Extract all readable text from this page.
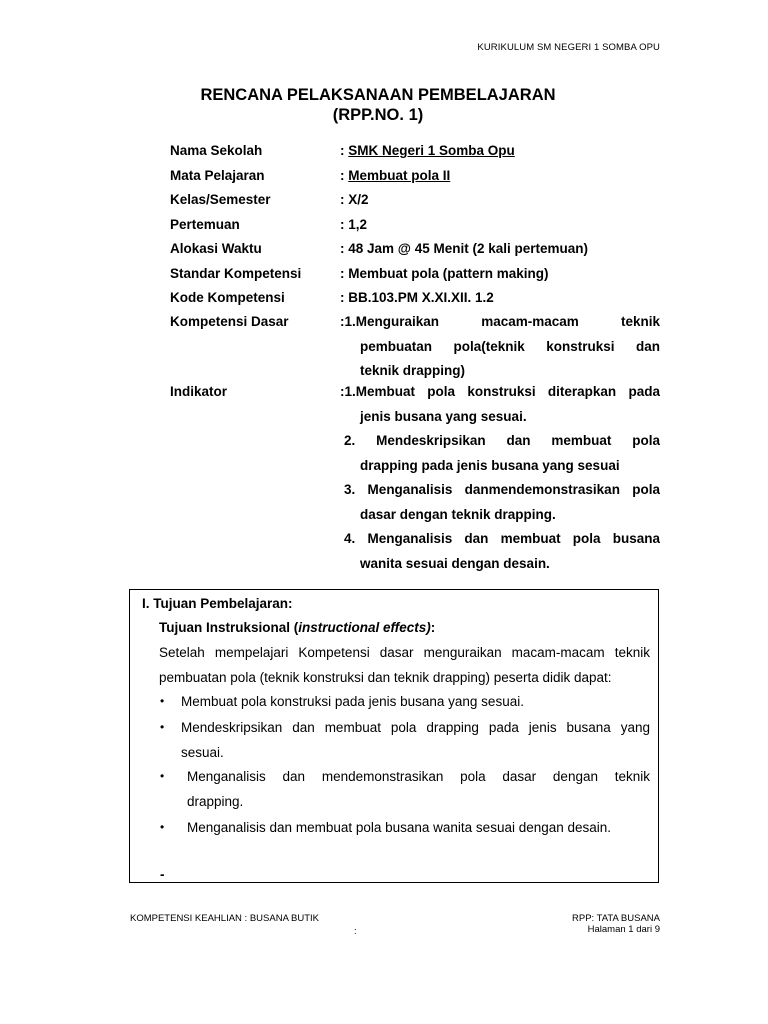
KURIKULUM SM NEGERI 1 SOMBA OPU
RENCANA PELAKSANAAN PEMBELAJARAN
(RPP.NO. 1)
Nama Sekolah	: SMK Negeri 1 Somba Opu
Mata Pelajaran	: Membuat pola II
Kelas/Semester	: X/2
Pertemuan	: 1,2
Alokasi Waktu	: 48 Jam @ 45 Menit (2 kali pertemuan)
Standar Kompetensi	: Membuat pola (pattern making)
Kode Kompetensi	: BB.103.PM X.XI.XII. 1.2
Kompetensi Dasar	:1.Menguraikan macam-macam teknik
pembuatan pola(teknik konstruksi dan
teknik drapping)
Indikator	:1.Membuat pola konstruksi diterapkan pada
jenis busana yang sesuai.
2. Mendeskripsikan dan membuat pola
drapping pada jenis busana yang sesuai
3. Menganalisis danmendemonstrasikan pola
dasar dengan teknik drapping.
4. Menganalisis dan membuat pola busana
wanita sesuai dengan desain.
I. Tujuan Pembelajaran:
Tujuan Instruksional (instructional effects):
Setelah mempelajari Kompetensi dasar menguraikan macam-macam teknik
pembuatan pola (teknik konstruksi dan teknik drapping) peserta didik dapat:
• Membuat pola konstruksi pada jenis busana yang sesuai.
• Mendeskripsikan dan membuat pola drapping pada jenis busana yang
sesuai.
• Menganalisis dan mendemonstrasikan pola dasar dengan teknik
drapping.
• Menganalisis dan membuat pola busana wanita sesuai dengan desain.
-
KOMPETENSI KEAHLIAN : BUSANA BUTIK
:
RPP: TATA BUSANA
Halaman 1 dari 9
